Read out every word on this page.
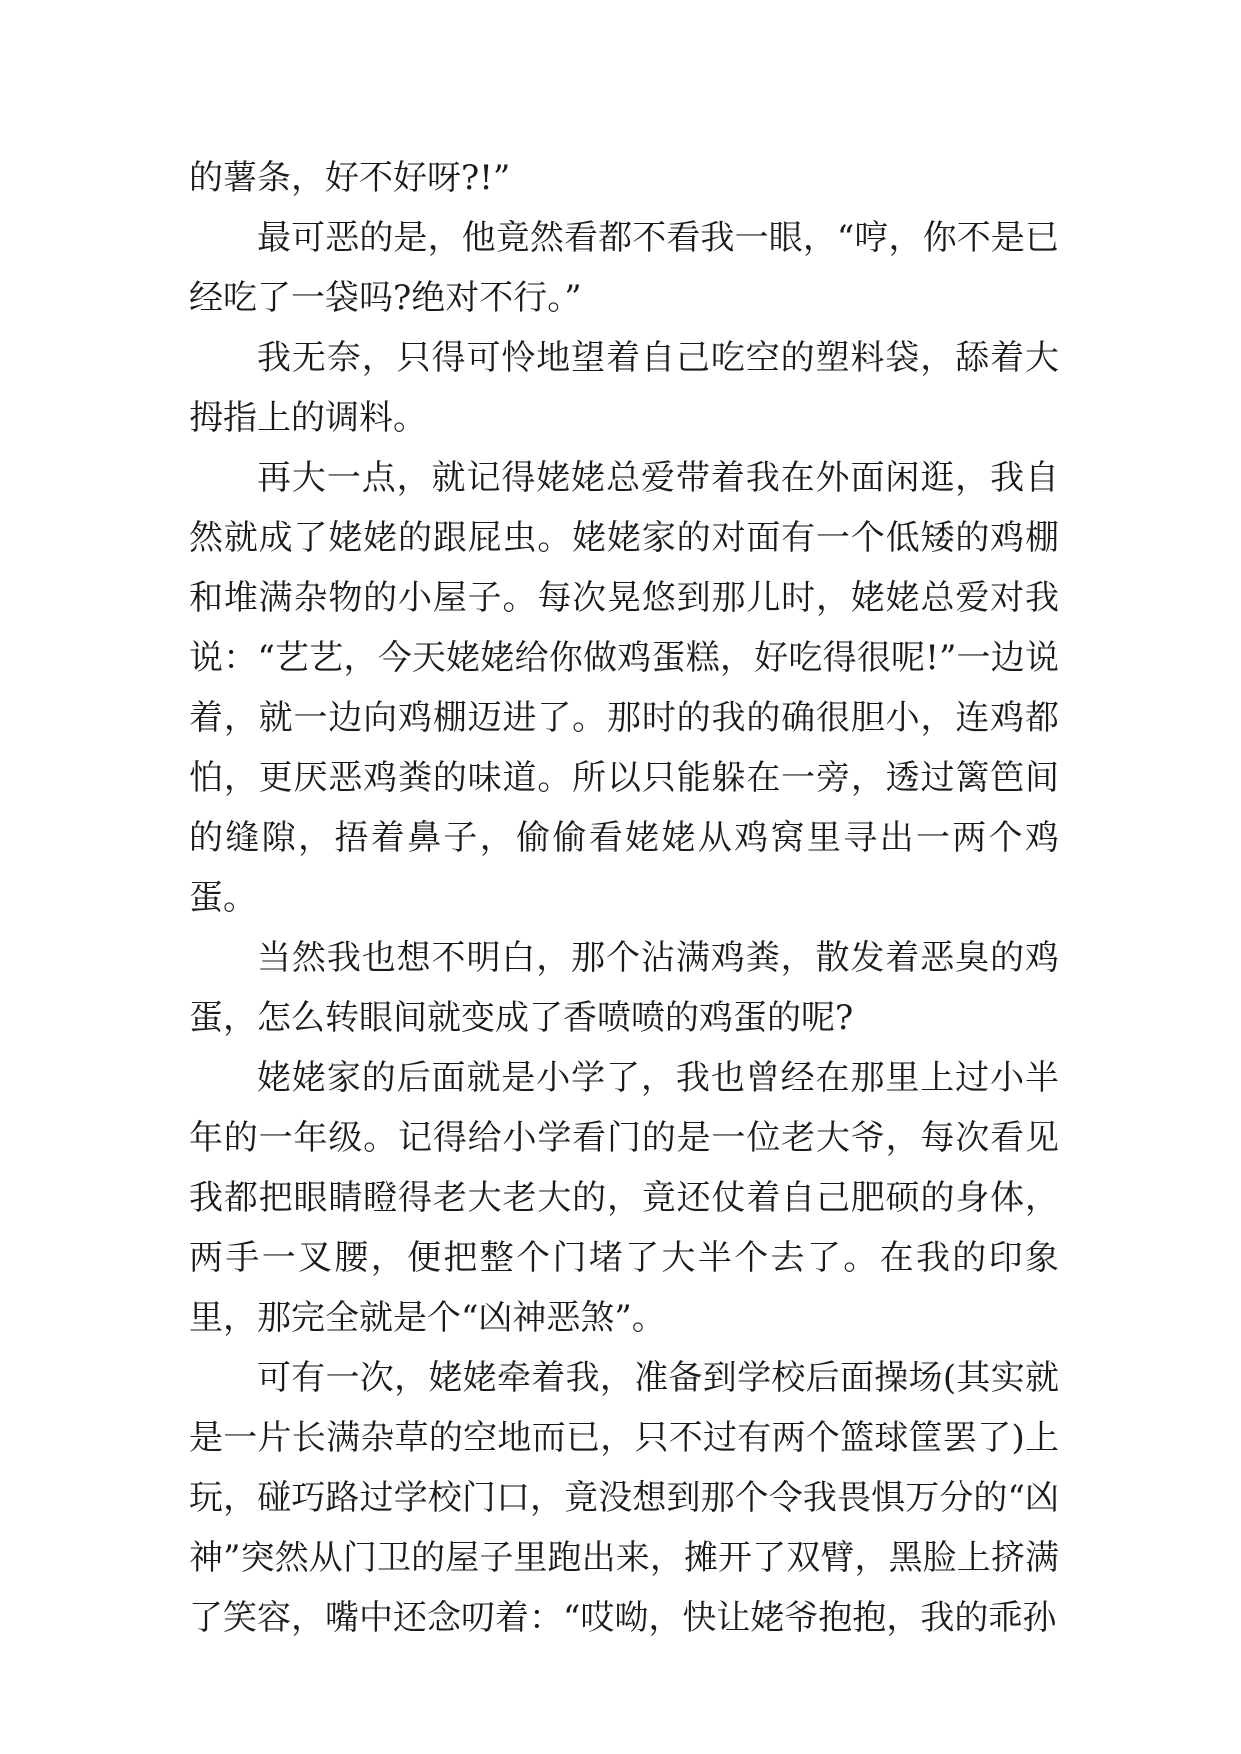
的薯条，好不好呀?!”

最可恶的是，他竟然看都不看我一眼，“哼，你不是已经吃了一袋吗?绝对不行。”

我无奈，只得可怜地望着自己吃空的塑料袋，舔着大拇指上的调料。

再大一点，就记得姥姥总爱带着我在外面闲逛，我自然就成了姥姥的跟屁虫。姥姥家的对面有一个低矮的鸡棚和堆满杂物的小屋子。每次晃悠到那儿时，姥姥总爱对我说：“艺艺，今天姥姥给你做鸡蛋糕，好吃得很呢!”一边说着，就一边向鸡棚迈进了。那时的我的确很胆小，连鸡都怕，更厌恶鸡粪的味道。所以只能躲在一旁，透过篱笆间的缝隙，捂着鼻子，偷偷看姥姥从鸡窝里寻出一两个鸡蛋。

当然我也想不明白，那个沾满鸡粪，散发着恶臭的鸡蛋，怎么转眼间就变成了香喷喷的鸡蛋的呢?

姥姥家的后面就是小学了，我也曾经在那里上过小半年的一年级。记得给小学看门的是一位老大爷，每次看见我都把眼睛瞪得老大老大的，竟还仗着自己肥硕的身体，两手一叉腰，便把整个门堵了大半个去了。在我的印象里，那完全就是个“凶神恶煞”。

可有一次，姥姥牵着我，准备到学校后面操场(其实就是一片长满杂草的空地而已，只不过有两个篮球筐罢了)上玩，碰巧路过学校门口，竟没想到那个令我畏惧万分的“凶神”突然从门卫的屋子里跑出来，摊开了双臂，黑脸上挤满了笑容，嘴中还念叨着：“哎呦，快让姥爷抱抱，我的乖孙
